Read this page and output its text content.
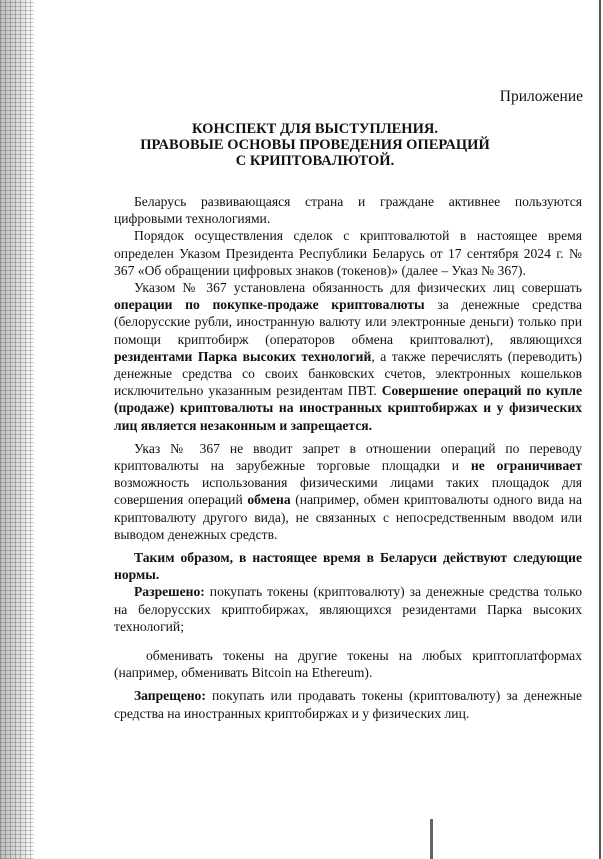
Приложение
КОНСПЕКТ ДЛЯ ВЫСТУПЛЕНИЯ.
ПРАВОВЫЕ ОСНОВЫ ПРОВЕДЕНИЯ ОПЕРАЦИЙ
С КРИПТОВАЛЮТОЙ.

Беларусь развивающаяся страна и граждане активнее пользуются цифровыми технологиями.

Порядок осуществления сделок с криптовалютой в настоящее время определен Указом Президента Республики Беларусь от 17 сентября 2024 г. № 367 «Об обращении цифровых знаков (токенов)» (далее – Указ № 367).

Указом № 367 установлена обязанность для физических лиц совершать операции по покупке-продаже криптовалюты за денежные средства (белорусские рубли, иностранную валюту или электронные деньги) только при помощи криптобирж (операторов обмена криптовалют), являющихся резидентами Парка высоких технологий, а также перечислять (переводить) денежные средства со своих банковских счетов, электронных кошельков исключительно указанным резидентам ПВТ. Совершение операций по купле (продаже) криптовалюты на иностранных криптобиржах и у физических лиц является незаконным и запрещается.

Указ № 367 не вводит запрет в отношении операций по переводу криптовалюты на зарубежные торговые площадки и не ограничивает возможность использования физическими лицами таких площадок для совершения операций обмена (например, обмен криптовалюты одного вида на криптовалюту другого вида), не связанных с непосредственным вводом или выводом денежных средств.

Таким образом, в настоящее время в Беларуси действуют следующие нормы.

Разрешено: покупать токены (криптовалюту) за денежные средства только на белорусских криптобиржах, являющихся резидентами Парка высоких технологий;

обменивать токены на другие токены на любых криптоплатформах (например, обменивать Bitcoin на Ethereum).

Запрещено: покупать или продавать токены (криптовалюту) за денежные средства на иностранных криптобиржах и у физических лиц.
